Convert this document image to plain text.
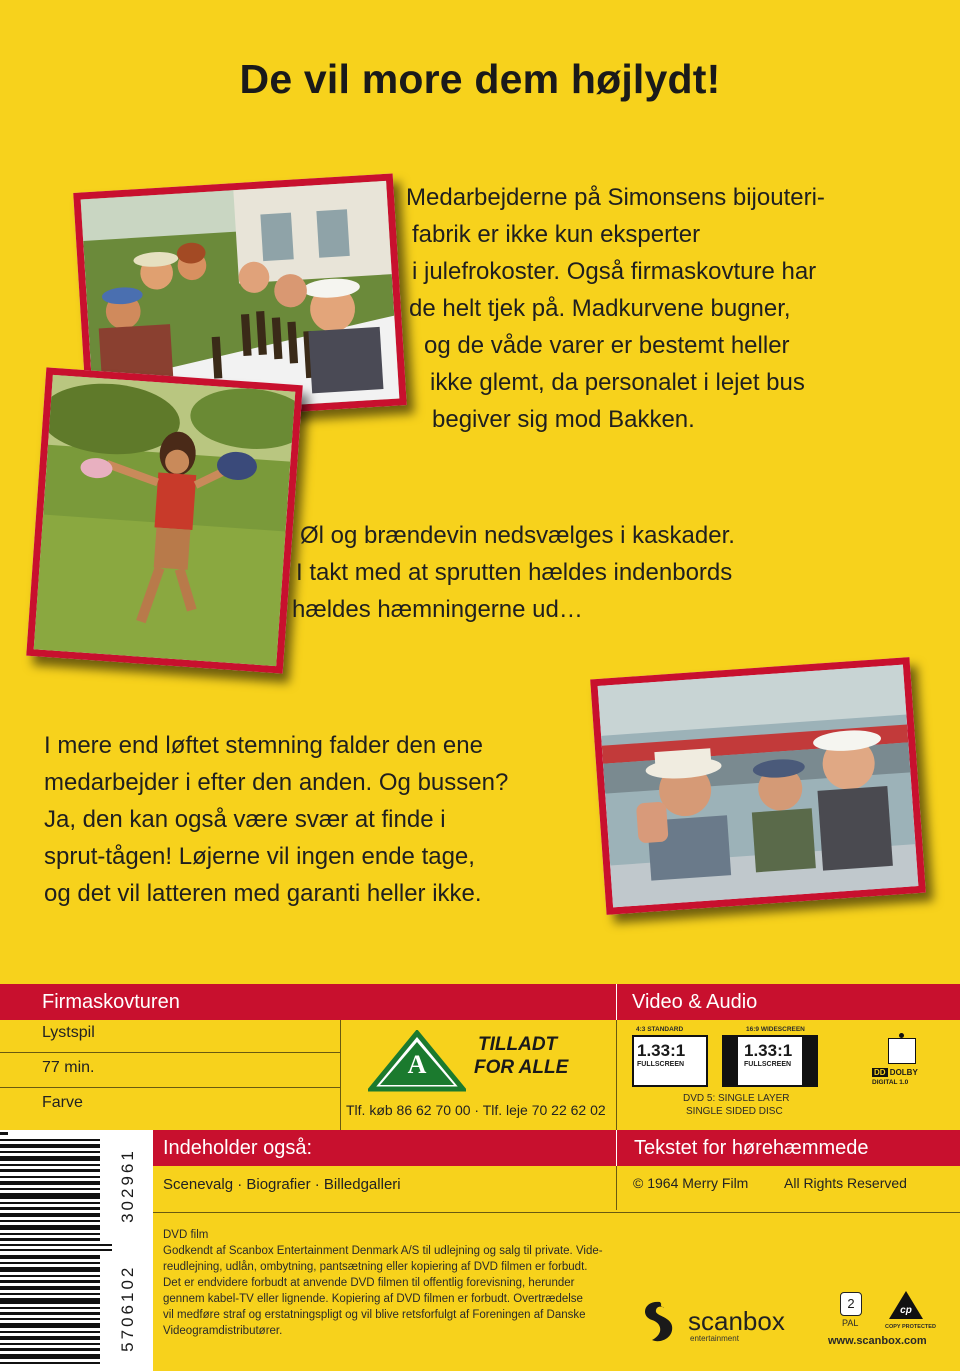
De vil more dem højlydt!
Medarbejderne på Simonsens bijouteri-
fabrik er ikke kun eksperter
i julefrokoster. Også firmaskovture har
de helt tjek på. Madkurvene bugner,
og de våde varer er bestemt heller
ikke glemt, da personalet i lejet bus
begiver sig mod Bakken.
Øl og brændevin nedsvælges i kaskader.
I takt med at sprutten hældes indenbords
hældes hæmningerne ud…
I mere end løftet stemning falder den ene
medarbejder i efter den anden. Og bussen?
Ja, den kan også være svær at finde i
sprut-tågen! Løjerne vil ingen ende tage,
og det vil latteren med garanti heller ikke.
Firmaskovturen	Video & Audio
Lystspil
77 min.
Farve
A
TILLADT
FOR ALLE
Tlf. køb 86 62 70 00 · Tlf. leje 70 22 62 02
4:3 STANDARD
1.33:1
FULLSCREEN
16:9 WIDESCREEN
1.33:1
FULLSCREEN
DD DOLBY
DIGITAL 1.0
DVD 5: SINGLE LAYER
SINGLE SIDED DISC
5706102 302961
Indeholder også:	Tekstet for hørehæmmede
Scenevalg · Biografier · Billedgalleri	© 1964 Merry Film	All Rights Reserved
DVD film
Godkendt af Scanbox Entertainment Denmark A/S til udlejning og salg til private. Vide-
reudlejning, udlån, ombytning, pantsætning eller kopiering af DVD filmen er forbudt.
Det er endvidere forbudt at anvende DVD filmen til offentlig forevisning, herunder
gennem kabel-TV eller lignende. Kopiering af DVD filmen er forbudt. Overtrædelse
vil medføre straf og erstatningspligt og vil blive retsforfulgt af Foreningen af Danske
Videogramdistributører.	scanbox
entertainment
2
PAL
cp
COPY PROTECTED
www.scanbox.com
